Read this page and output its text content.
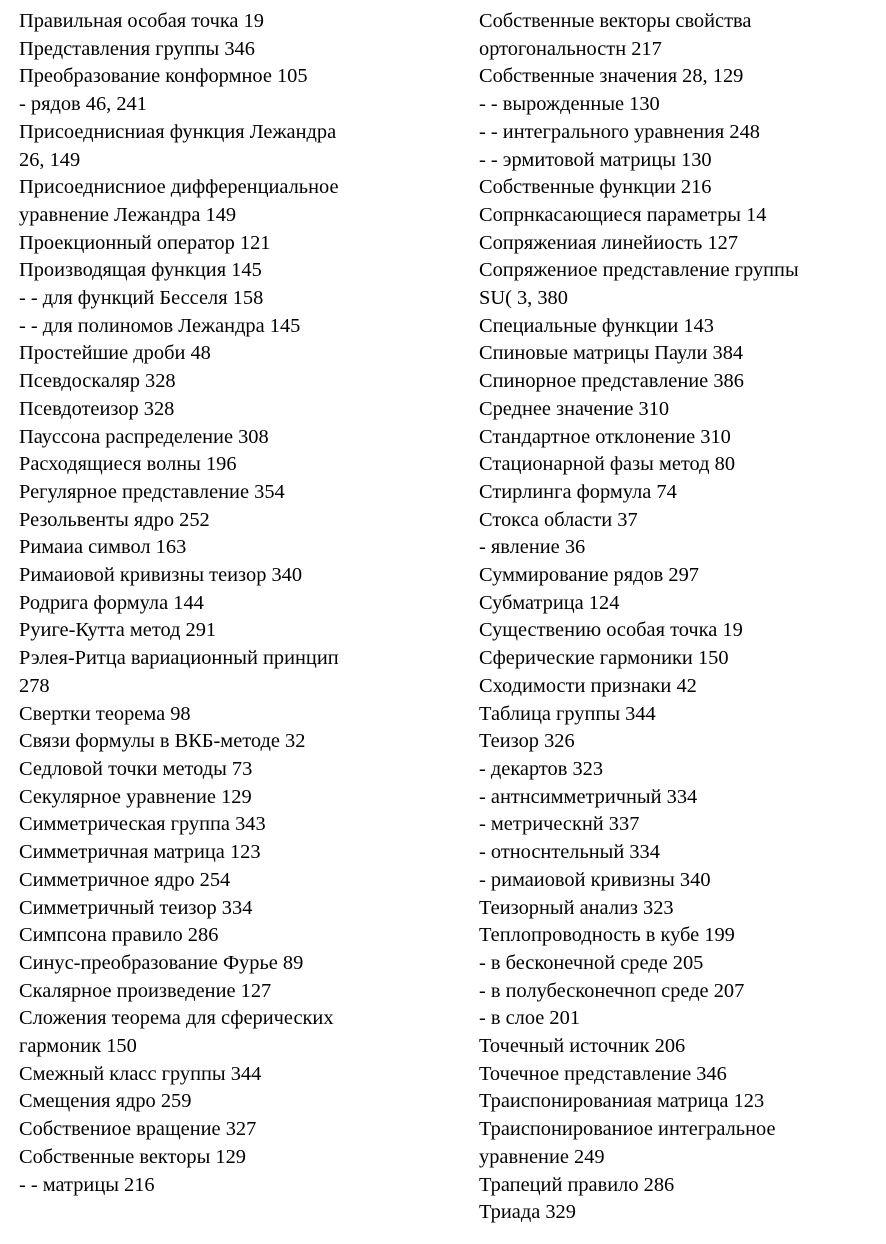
Правильная особая точка 19
Представления группы 346
Преобразование конформное 105
- рядов 46, 241
Присоеднисниая функция Лежандра
26, 149
Присоеднисниое дифференциальное
уравнение Лежандра 149
Проекционный оператор 121
Производящая функция 145
- - для функций Бесселя 158
- - для полиномов Лежандра 145
Простейшие дроби 48
Псевдоскаляр 328
Псевдотеизор 328
Пауссона распределение 308
Расходящиеся волны 196
Регулярное представление 354
Резольвенты ядро 252
Римаиа символ 163
Римаиовой кривизны теизор 340
Родрига формула 144
Руиге-Кутта метод 291
Рэлея-Ритца вариационный принцип
278
Свертки теорема 98
Связи формулы в ВКБ-методе 32
Седловой точки методы 73
Секулярное уравнение 129
Симметрическая группа 343
Симметричная матрица 123
Симметричное ядро 254
Симметричный теизор 334
Симпсона правило 286
Синус-преобразование Фурье 89
Скалярное произведение 127
Сложения теорема для сферических
гармоник 150
Смежный класс группы 344
Смещения ядро 259
Собствениое вращение 327
Собственные векторы 129
- - матрицы 216
Собственные векторы свойства
ортогональностн 217
Собственные значения 28, 129
- - вырожденные 130
- - интегрального уравнения 248
- - эрмитовой матрицы 130
Собственные функции 216
Сопрнкасающиеся параметры 14
Сопряжениая линейиость 127
Сопряжениое представление группы
SU( 3, 380
Специальные функции 143
Спиновые матрицы Паули 384
Спинорное представление 386
Среднее значение 310
Стандартное отклонение 310
Стационарной фазы метод 80
Стирлинга формула 74
Стокса области 37
- явление 36
Суммирование рядов 297
Субматрица 124
Существению особая точка 19
Сферические гармоники 150
Сходимости признаки 42
Таблица группы 344
Теизор 326
- декартов 323
- антнсимметричный 334
- метрическнй 337
- относнтельный 334
- римаиовой кривизны 340
Теизорный анализ 323
Теплопроводность в кубе 199
- в бесконечной среде 205
- в полубесконечноп среде 207
- в слое 201
Точечный источник 206
Точечное представление 346
Траиспонированиая матрица 123
Траиспонированиое интегральное
уравнение 249
Трапеций правило 286
Триада 329
